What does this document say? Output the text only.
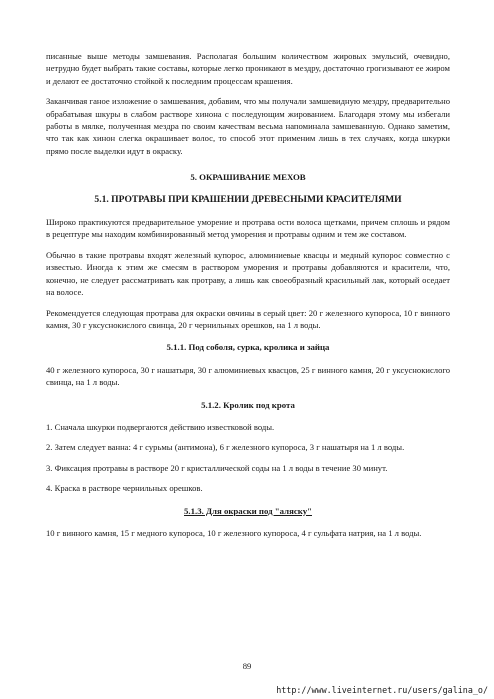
писанные выше методы замшевания. Располагая большим количеством жировых эмульсий, очевидно, нетрудно будет выбрать такие составы, которые легко проникают в мездру, достаточно грогизывают ее жиром и делают ее достаточно стойкой к последним процессам крашения.

Заканчивая ганое изложение о замшевания, добавим, что мы получали замшевидную мездру, предварительно обрабатывая шкуры в слабом растворе хинона с последующим жированием. Благодаря этому мы избегали работы в мялке, полученная мездра по своим качествам весьма напоминала замшеванную. Однако заметим, что так как хинон слегка окрашивает волос, то способ этот применим лишь в тех случаях, когда шкурки прямо после выделки идут в окраску.

5. ОКРАШИВАНИЕ МЕХОВ
5.1. ПРОТРАВЫ ПРИ КРАШЕНИИ ДРЕВЕСНЫМИ КРАСИТЕЛЯМИ

Широко практикуются предварительное уморение и протрава ости волоса щетками, причем сплошь и рядом в рецептуре мы находим комбинированный метод уморения и протравы одним и тем же составом.

Обычно в такие протравы входят железный купорос, алюминиевые квасцы и медный купорос совместно с известью. Иногда к этим же смесям в раствором уморения и протравы добавляются и красители, что, конечно, не следует рассматривать как протраву, а лишь как своеобразный красильный лак, который оседает на волосе.

Рекомендуется следующая протрава для окраски овчины в серый цвет: 20 г железного купороса, 10 г винного камня, 30 г уксуснокислого свинца, 20 г чернильных орешков, на 1 л воды.

5.1.1. Под соболя, сурка, кролика и зайца

40 г железного купороса, 30 г нашатыря, 30 г алюминиевых квасцов, 25 г винного камня, 20 г уксуснокислого свинца, на 1 л воды.

5.1.2. Кролик под крота

1. Сначала шкурки подвергаются действию известковой воды.

2. Затем следует ванна: 4 г сурьмы (антимона), 6 г железного купороса, 3 г нашатыря на 1 л воды.

3. Фиксация протравы в растворе 20 г кристаллической соды на 1 л воды в течение 30 минут.

4. Краска в растворе чернильных орешков.

5.1.3. Для окраски под "аляску"

10 г винного камня, 15 г медного купороса, 10 г железного купороса, 4 г сульфата натрия, на 1 л воды.

89
http://www.liveinternet.ru/users/galina_o/
